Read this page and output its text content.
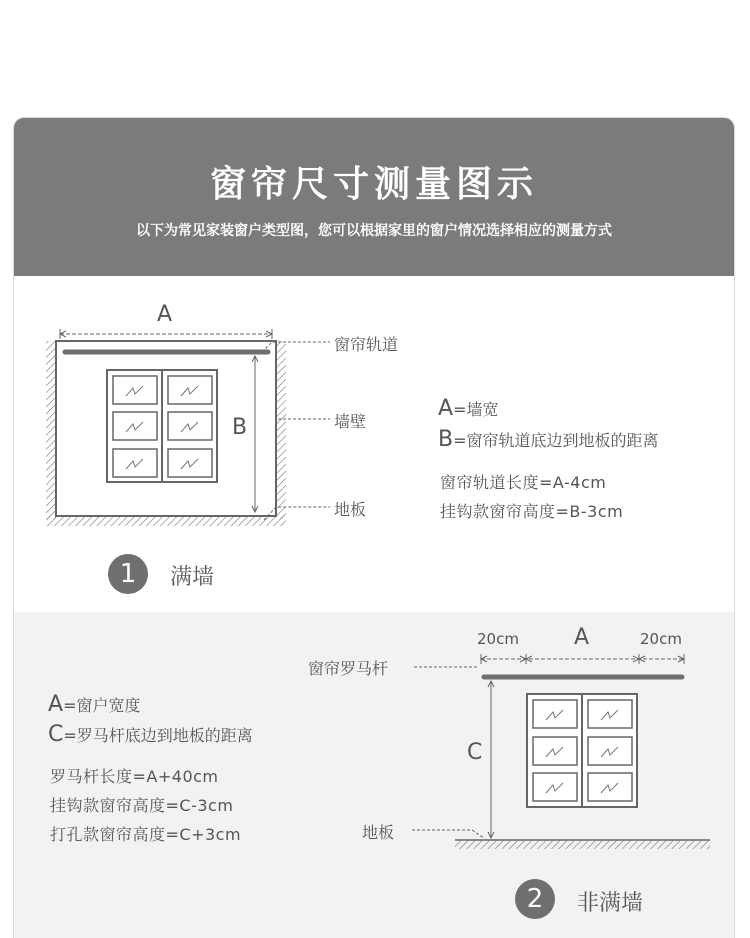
窗帘尺寸测量图示
以下为常见家装窗户类型图，您可以根据家里的窗户情况选择相应的测量方式
A
B
窗帘轨道
墙壁
地板
A=墙宽
B=窗帘轨道底边到地板的距离
窗帘轨道长度=A-4cm
挂钩款窗帘高度=B-3cm
1	满墙
20cm	A	20cm
窗帘罗马杆
C
地板
A=窗户宽度
C=罗马杆底边到地板的距离
罗马杆长度=A+40cm
挂钩款窗帘高度=C-3cm
打孔款窗帘高度=C+3cm
2	非满墙
